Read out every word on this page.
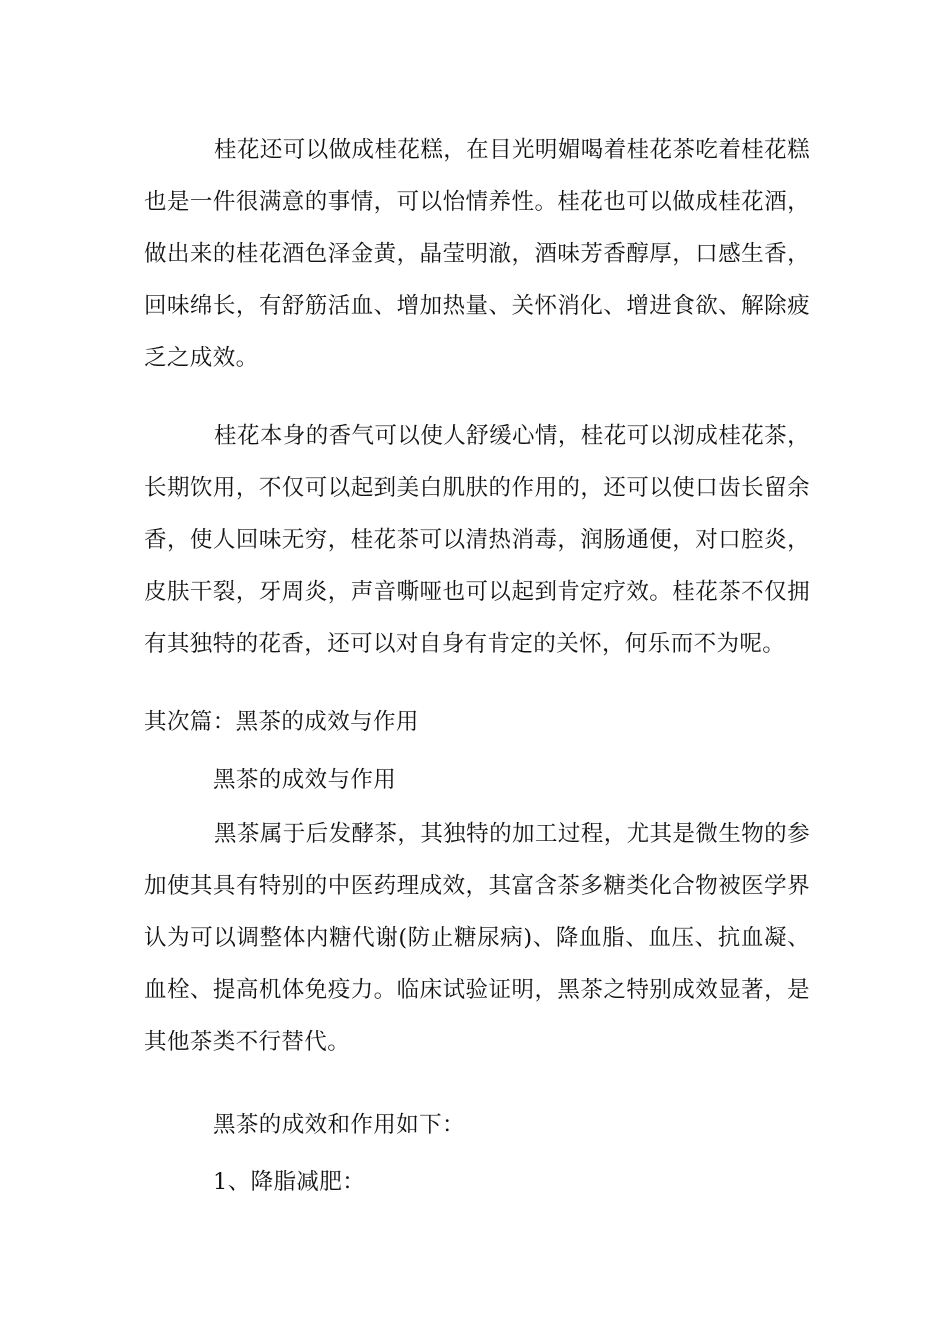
桂花还可以做成桂花糕，在目光明媚喝着桂花茶吃着桂花糕也是一件很满意的事情，可以怡情养性。桂花也可以做成桂花酒，做出来的桂花酒色泽金黄，晶莹明澈，酒味芳香醇厚，口感生香，回味绵长，有舒筋活血、增加热量、关怀消化、增进食欲、解除疲乏之成效。

桂花本身的香气可以使人舒缓心情，桂花可以沏成桂花茶，长期饮用，不仅可以起到美白肌肤的作用的，还可以使口齿长留余香，使人回味无穷，桂花茶可以清热消毒，润肠通便，对口腔炎，皮肤干裂，牙周炎，声音嘶哑也可以起到肯定疗效。桂花茶不仅拥有其独特的花香，还可以对自身有肯定的关怀，何乐而不为呢。

其次篇：黑茶的成效与作用

黑茶的成效与作用

黑茶属于后发酵茶，其独特的加工过程，尤其是微生物的参加使其具有特别的中医药理成效，其富含茶多糖类化合物被医学界认为可以调整体内糖代谢(防止糖尿病)、降血脂、血压、抗血凝、血栓、提高机体免疫力。临床试验证明，黑茶之特别成效显著，是其他茶类不行替代。

黑茶的成效和作用如下：

1、降脂减肥：
